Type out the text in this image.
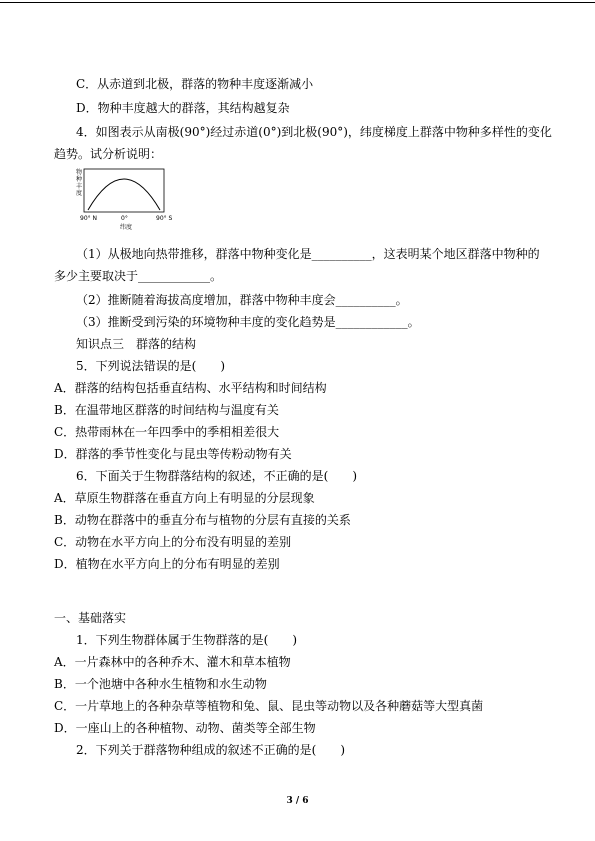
C．从赤道到北极，群落的物种丰度逐渐减小
D．物种丰度越大的群落，其结构越复杂
4．如图表示从南极(90°)经过赤道(0°)到北极(90°)，纬度梯度上群落中物种多样性的变化
趋势。试分析说明：
物
种
丰
度
90° N	0°	90° S
纬度
（1）从极地向热带推移，群落中物种变化是__________，这表明某个地区群落中物种的
多少主要取决于____________。
（2）推断随着海拔高度增加，群落中物种丰度会__________。
（3）推断受到污染的环境物种丰度的变化趋势是____________。
知识点三　群落的结构
5．下列说法错误的是(　　)
A．群落的结构包括垂直结构、水平结构和时间结构
B．在温带地区群落的时间结构与温度有关
C．热带雨林在一年四季中的季相相差很大
D．群落的季节性变化与昆虫等传粉动物有关
6．下面关于生物群落结构的叙述，不正确的是(　　)
A．草原生物群落在垂直方向上有明显的分层现象
B．动物在群落中的垂直分布与植物的分层有直接的关系
C．动物在水平方向上的分布没有明显的差别
D．植物在水平方向上的分布有明显的差别
一、基础落实
1．下列生物群体属于生物群落的是(　　)
A．一片森林中的各种乔木、灌木和草本植物
B．一个池塘中各种水生植物和水生动物
C．一片草地上的各种杂草等植物和兔、鼠、昆虫等动物以及各种蘑菇等大型真菌
D．一座山上的各种植物、动物、菌类等全部生物
2．下列关于群落物种组成的叙述不正确的是(　　)
3 / 6
